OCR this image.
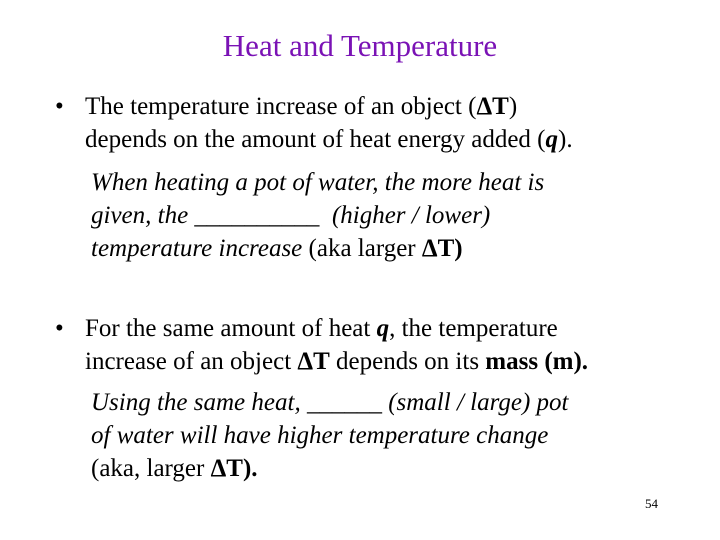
Heat and Temperature
• The temperature increase of an object (ΔT)
depends on the amount of heat energy added (q).
When heating a pot of water, the more heat is
given, the __________ (higher / lower)
temperature increase (aka larger ΔT)
• For the same amount of heat q, the temperature
increase of an object ΔT depends on its mass (m).
Using the same heat, ______ (small / large) pot
of water will have higher temperature change
(aka, larger ΔT).
54
